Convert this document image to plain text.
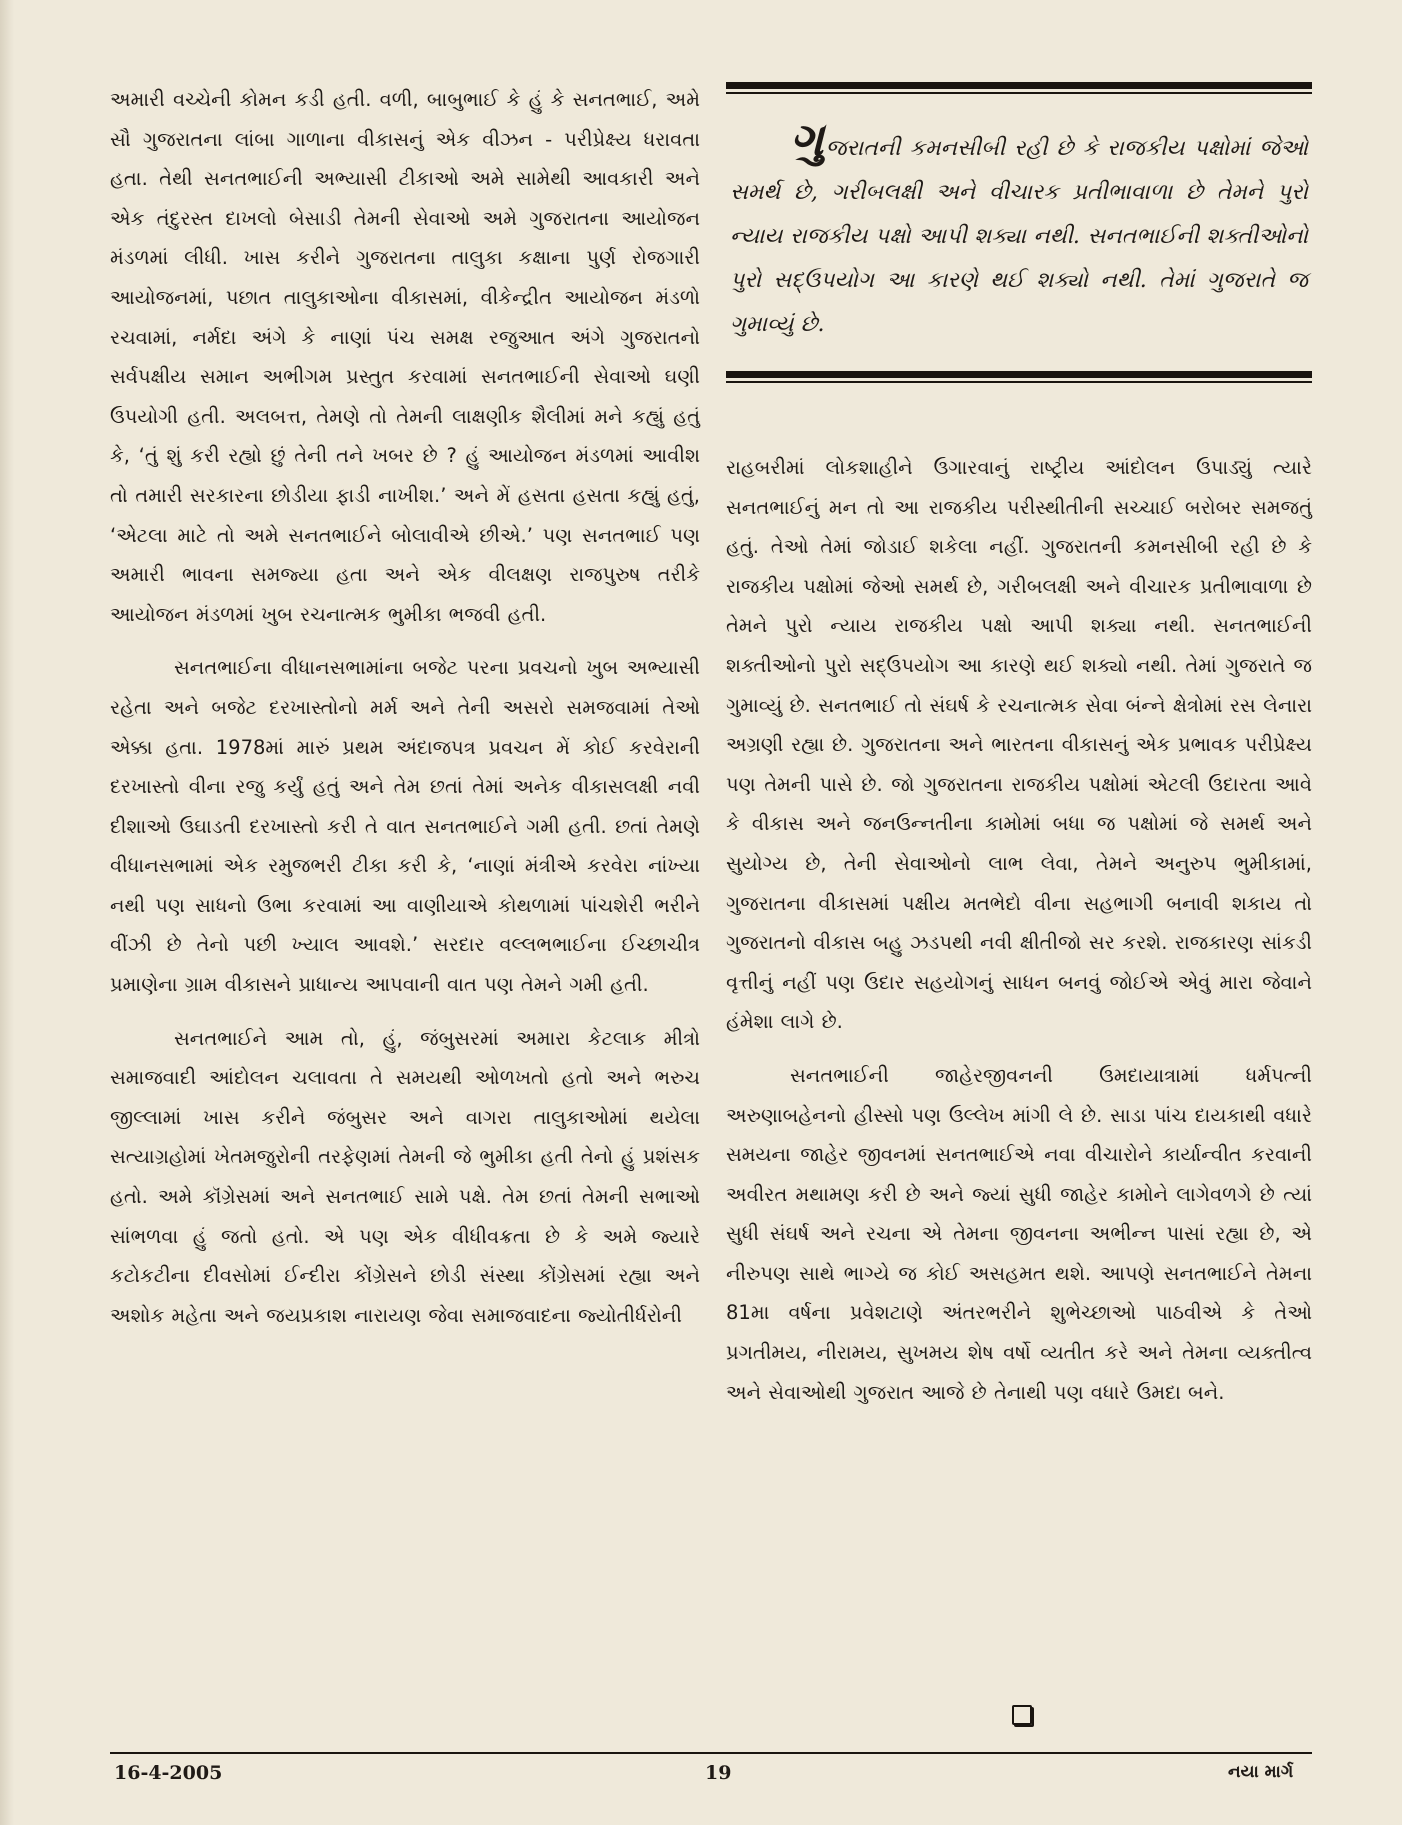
અમારી વચ્ચેની કોમન કડી હતી. વળી, બાબુભાઈ કે હું કે સનતભાઈ, અમે સૌ ગુજરાતના લાંબા ગાળાના વીકાસનું એક વીઝન - પરીપ્રેક્ષ્ય ધરાવતા હતા. તેથી સનતભાઈની અભ્યાસી ટીકાઓ અમે સામેથી આવકારી અને એક તંદુરસ્ત દાખલો બેસાડી તેમની સેવાઓ અમે ગુજરાતના આયોજન મંડળમાં લીધી. ખાસ કરીને ગુજરાતના તાલુકા કક્ષાના પુર્ણ રોજગારી આયોજનમાં, પછાત તાલુકાઓના વીકાસમાં, વીકેન્દ્રીત આયોજન મંડળો રચવામાં, નર્મદા અંગે કે નાણાં પંચ સમક્ષ રજુઆત અંગે ગુજરાતનો સર્વપક્ષીય સમાન અભીગમ પ્રસ્તુત કરવામાં સનતભાઈની સેવાઓ ઘણી ઉપયોગી હતી. અલબત્ત, તેમણે તો તેમની લાક્ષણીક શૈલીમાં મને કહ્યું હતું કે, ‘તું શું કરી રહ્યો છું તેની તને ખબર છે ? હું આયોજન મંડળમાં આવીશ તો તમારી સરકારના છોડીયા ફાડી નાખીશ.’ અને મેં હસતા હસતા કહ્યું હતું, ‘એટલા માટે તો અમે સનતભાઈને બોલાવીએ છીએ.’ પણ સનતભાઈ પણ અમારી ભાવના સમજ્યા હતા અને એક વીલક્ષણ રાજપુરુષ તરીકે આયોજન મંડળમાં ખુબ રચનાત્મક ભુમીકા ભજવી હતી.

સનતભાઈના વીધાનસભામાંના બજેટ પરના પ્રવચનો ખુબ અભ્યાસી રહેતા અને બજેટ દરખાસ્તોનો મર્મ અને તેની અસરો સમજવામાં તેઓ એક્કા હતા. 1978માં મારું પ્રથમ અંદાજપત્ર પ્રવચન મેં કોઈ કરવેરાની દરખાસ્તો વીના રજુ કર્યું હતું અને તેમ છતાં તેમાં અનેક વીકાસલક્ષી નવી દીશાઓ ઉઘાડતી દરખાસ્તો કરી તે વાત સનતભાઈને ગમી હતી. છતાં તેમણે વીધાનસભામાં એક રમુજભરી ટીકા કરી કે, ‘નાણાં મંત્રીએ કરવેરા નાંખ્યા નથી પણ સાધનો ઉભા કરવામાં આ વાણીયાએ કોથળામાં પાંચશેરી ભરીને વીંઝી છે તેનો પછી ખ્યાલ આવશે.’ સરદાર વલ્લભભાઈના ઈચ્છાચીત્ર પ્રમાણેના ગ્રામ વીકાસને પ્રાધાન્ય આપવાની વાત પણ તેમને ગમી હતી.

સનતભાઈને આમ તો, હું, જંબુસરમાં અમારા કેટલાક મીત્રો સમાજવાદી આંદોલન ચલાવતા તે સમયથી ઓળખતો હતો અને ભરુચ જીલ્લામાં ખાસ કરીને જંબુસર અને વાગરા તાલુકાઓમાં થયેલા સત્યાગ્રહોમાં ખેતમજુરોની તરફેણમાં તેમની જે ભુમીકા હતી તેનો હું પ્રશંસક હતો. અમે કૉંગ્રેસમાં અને સનતભાઈ સામે પક્ષે. તેમ છતાં તેમની સભાઓ સાંભળવા હું જતો હતો. એ પણ એક વીધીવક્રતા છે કે અમે જ્યારે કટોકટીના દીવસોમાં ઈન્દીરા કોંગ્રેસને છોડી સંસ્થા કોંગ્રેસમાં રહ્યા અને અશોક મહેતા અને જયપ્રકાશ નારાયણ જેવા સમાજવાદના જ્યોતીર્ધરોની

ગુજરાતની કમનસીબી રહી છે કે રાજકીય પક્ષોમાં જેઓ સમર્થ છે, ગરીબલક્ષી અને વીચારક પ્રતીભાવાળા છે તેમને પુરો ન્યાય રાજકીય પક્ષો આપી શક્યા નથી. સનતભાઈની શક્તીઓનો પુરો સદ્ઉપયોગ આ કારણે થઈ શક્યો નથી. તેમાં ગુજરાતે જ ગુમાવ્યું છે.

રાહબરીમાં લોકશાહીને ઉગારવાનું રાષ્ટ્રીય આંદોલન ઉપાડ્યું ત્યારે સનતભાઈનું મન તો આ રાજકીય પરીસ્થીતીની સચ્ચાઈ બરોબર સમજતું હતું. તેઓ તેમાં જોડાઈ શકેલા નહીં. ગુજરાતની કમનસીબી રહી છે કે રાજકીય પક્ષોમાં જેઓ સમર્થ છે, ગરીબલક્ષી અને વીચારક પ્રતીભાવાળા છે તેમને પુરો ન્યાય રાજકીય પક્ષો આપી શક્યા નથી. સનતભાઈની શક્તીઓનો પુરો સદ્ઉપયોગ આ કારણે થઈ શક્યો નથી. તેમાં ગુજરાતે જ ગુમાવ્યું છે. સનતભાઈ તો સંઘર્ષ કે રચનાત્મક સેવા બંન્ને ક્ષેત્રોમાં રસ લેનારા અગ્રણી રહ્યા છે. ગુજરાતના અને ભારતના વીકાસનું એક પ્રભાવક પરીપ્રેક્ષ્ય પણ તેમની પાસે છે. જો ગુજરાતના રાજકીય પક્ષોમાં એટલી ઉદારતા આવે કે વીકાસ અને જનઉન્નતીના કામોમાં બધા જ પક્ષોમાં જે સમર્થ અને સુયોગ્ય છે, તેની સેવાઓનો લાભ લેવા, તેમને અનુરુપ ભુમીકામાં, ગુજરાતના વીકાસમાં પક્ષીય મતભેદો વીના સહભાગી બનાવી શકાય તો ગુજરાતનો વીકાસ બહુ ઝડપથી નવી ક્ષીતીજો સર કરશે. રાજકારણ સાંકડી વૃત્તીનું નહીં પણ ઉદાર સહયોગનું સાધન બનવું જોઈએ એવું મારા જેવાને હંમેશા લાગે છે.

સનતભાઈની જાહેરજીવનની ઉમદાયાત્રામાં ધર્મપત્ની અરુણાબહેનનો હીસ્સો પણ ઉલ્લેખ માંગી લે છે. સાડા પાંચ દાયકાથી વધારે સમયના જાહેર જીવનમાં સનતભાઈએ નવા વીચારોને કાર્યાન્વીત કરવાની અવીરત મથામણ કરી છે અને જ્યાં સુધી જાહેર કામોને લાગેવળગે છે ત્યાં સુધી સંઘર્ષ અને રચના એ તેમના જીવનના અભીન્ન પાસાં રહ્યા છે, એ નીરુપણ સાથે ભાગ્યે જ કોઈ અસહમત થશે. આપણે સનતભાઈને તેમના 81મા વર્ષના પ્રવેશટાણે અંતરભરીને શુભેચ્છાઓ પાઠવીએ કે તેઓ પ્રગતીમય, નીરામય, સુખમય શેષ વર્ષો વ્યતીત કરે અને તેમના વ્યક્તીત્વ અને સેવાઓથી ગુજરાત આજે છે તેનાથી પણ વધારે ઉમદા બને.

16-4-2005	19	નયા માર્ગ
